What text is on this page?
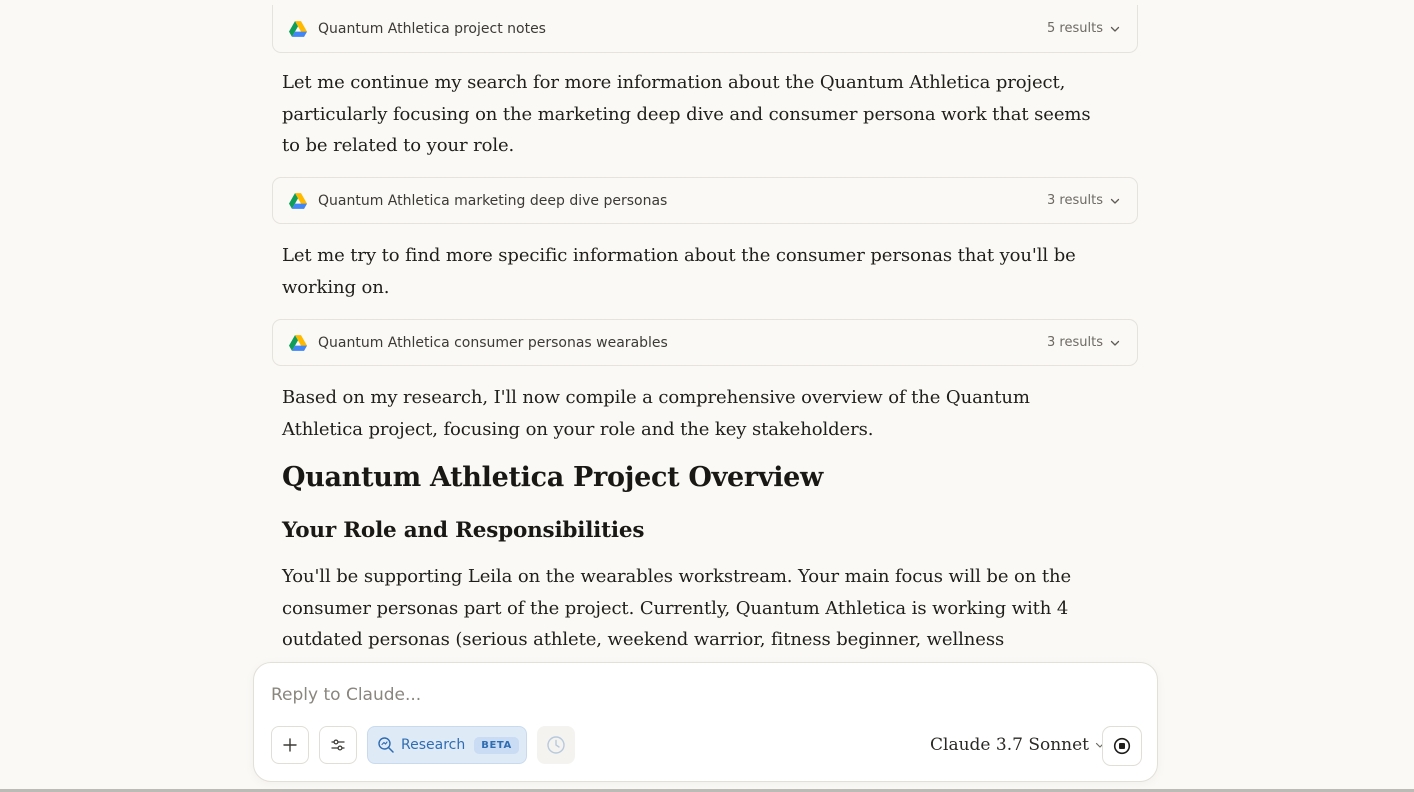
Quantum Athletica project notes	5 results

Let me continue my search for more information about the Quantum Athletica project, particularly focusing on the marketing deep dive and consumer persona work that seems to be related to your role.

Quantum Athletica marketing deep dive personas	3 results

Let me try to find more specific information about the consumer personas that you'll be working on.

Quantum Athletica consumer personas wearables	3 results

Based on my research, I'll now compile a comprehensive overview of the Quantum Athletica project, focusing on your role and the key stakeholders.

Quantum Athletica Project Overview
Your Role and Responsibilities

You'll be supporting Leila on the wearables workstream. Your main focus will be on the consumer personas part of the project. Currently, Quantum Athletica is working with 4 outdated personas (serious athlete, weekend warrior, fitness beginner, wellness

Reply to Claude...
Research	BETA	Claude 3.7 Sonnet
